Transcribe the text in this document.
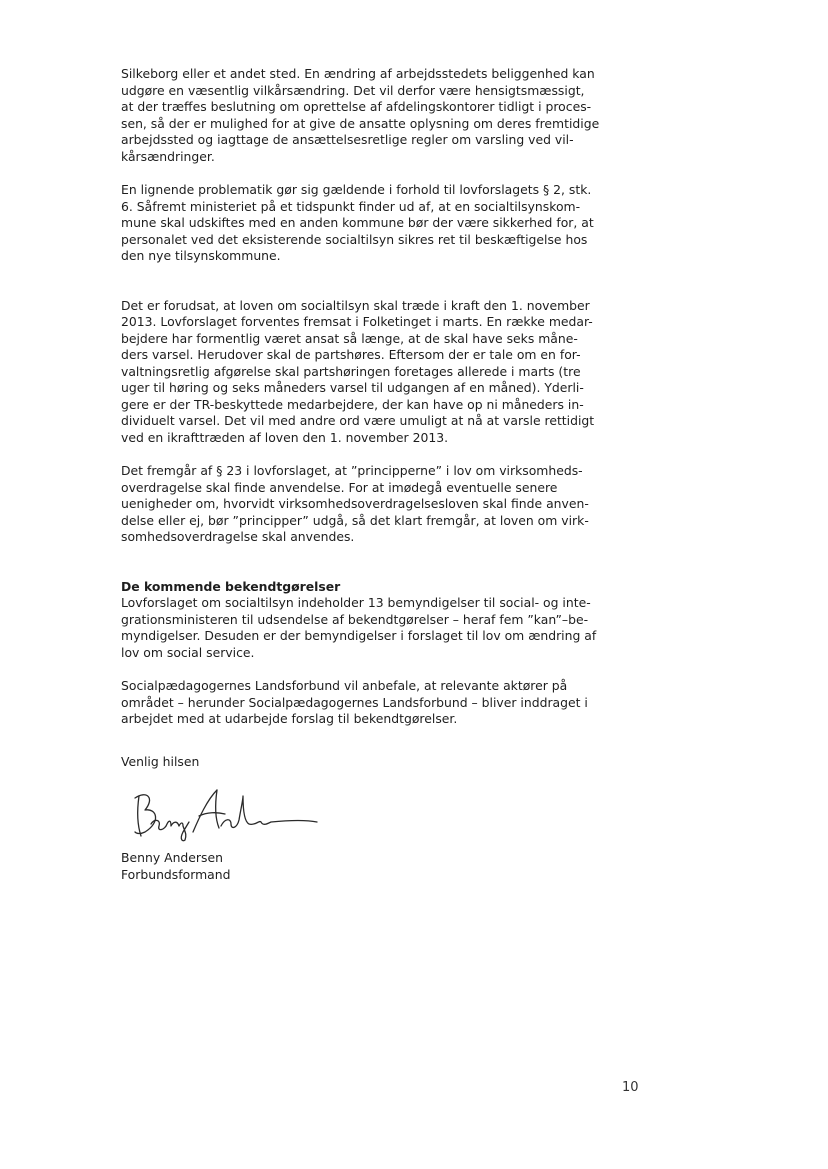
Silkeborg eller et andet sted. En ændring af arbejdsstedets beliggenhed kan
udgøre en væsentlig vilkårsændring. Det vil derfor være hensigtsmæssigt,
at der træffes beslutning om oprettelse af afdelingskontorer tidligt i proces-
sen, så der er mulighed for at give de ansatte oplysning om deres fremtidige
arbejdssted og iagttage de ansættelsesretlige regler om varsling ved vil-
kårsændringer.

En lignende problematik gør sig gældende i forhold til lovforslagets § 2, stk.
6. Såfremt ministeriet på et tidspunkt finder ud af, at en socialtilsynskom-
mune skal udskiftes med en anden kommune bør der være sikkerhed for, at
personalet ved det eksisterende socialtilsyn sikres ret til beskæftigelse hos
den nye tilsynskommune.

Det er forudsat, at loven om socialtilsyn skal træde i kraft den 1. november
2013. Lovforslaget forventes fremsat i Folketinget i marts. En række medar-
bejdere har formentlig været ansat så længe, at de skal have seks måne-
ders varsel. Herudover skal de partshøres. Eftersom der er tale om en for-
valtningsretlig afgørelse skal partshøringen foretages allerede i marts (tre
uger til høring og seks måneders varsel til udgangen af en måned). Yderli-
gere er der TR-beskyttede medarbejdere, der kan have op ni måneders in-
dividuelt varsel. Det vil med andre ord være umuligt at nå at varsle rettidigt
ved en ikrafttræden af loven den 1. november 2013.

Det fremgår af § 23 i lovforslaget, at ”principperne” i lov om virksomheds-
overdragelse skal finde anvendelse. For at imødegå eventuelle senere
uenigheder om, hvorvidt virksomhedsoverdragelsesloven skal finde anven-
delse eller ej, bør ”principper” udgå, så det klart fremgår, at loven om virk-
somhedsoverdragelse skal anvendes.

De kommende bekendtgørelser

Lovforslaget om socialtilsyn indeholder 13 bemyndigelser til social- og inte-
grationsministeren til udsendelse af bekendtgørelser – heraf fem ”kan”–be-
myndigelser. Desuden er der bemyndigelser i forslaget til lov om ændring af
lov om social service.

Socialpædagogernes Landsforbund vil anbefale, at relevante aktører på
området – herunder Socialpædagogernes Landsforbund – bliver inddraget i
arbejdet med at udarbejde forslag til bekendtgørelser.

Venlig hilsen

Benny Andersen
Forbundsformand

10
